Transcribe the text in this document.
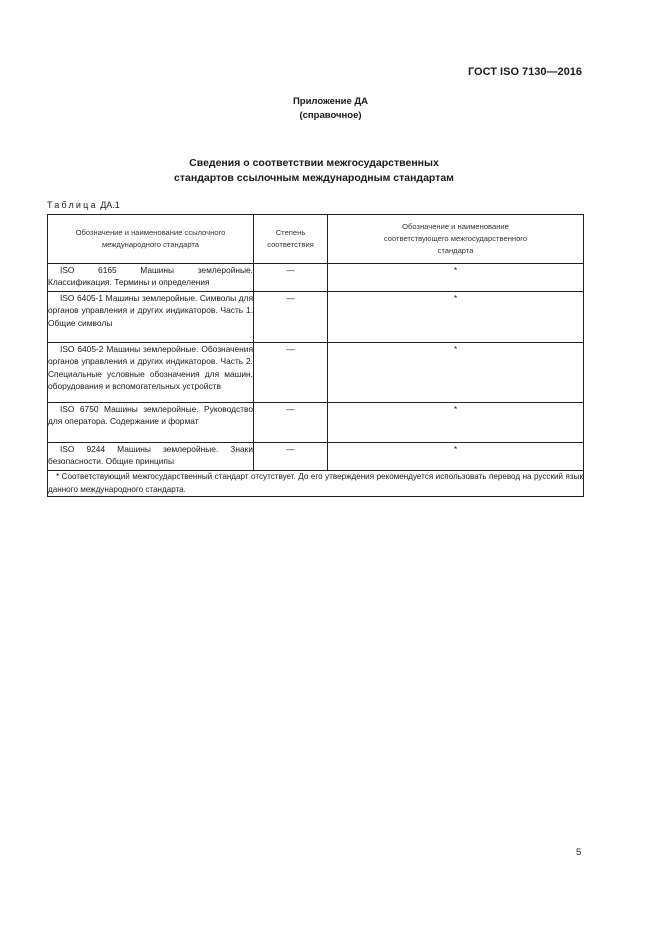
ГОСТ ISO 7130—2016
Приложение ДА
(справочное)
Сведения о соответствии межгосударственных
стандартов ссылочным международным стандартам
Таблица ДА.1
Обозначение и наименование ссылочного международного стандарта	Степень соответствия	Обозначение и наименование соответствующего межгосударственного стандарта
ISO 6165 Машины землеройные. Классификация. Термины и определения	—	*
ISO 6405-1 Машины землеройные. Символы для органов управления и других индикаторов. Часть 1. Общие символы	—	*
ISO 6405-2 Машины землеройные. Обозначения органов управления и других индикаторов. Часть 2. Специальные условные обозначения для машин, оборудования и вспомогательных устройств	—	*
ISO 6750 Машины землеройные. Руководство для оператора. Содержание и формат	—	*
ISO 9244 Машины землеройные. Знаки безопасности. Общие принципы	—	*
* Соответствующий межгосударственный стандарт отсутствует. До его утверждения рекомендуется использовать перевод на русский язык данного международного стандарта.		
5
